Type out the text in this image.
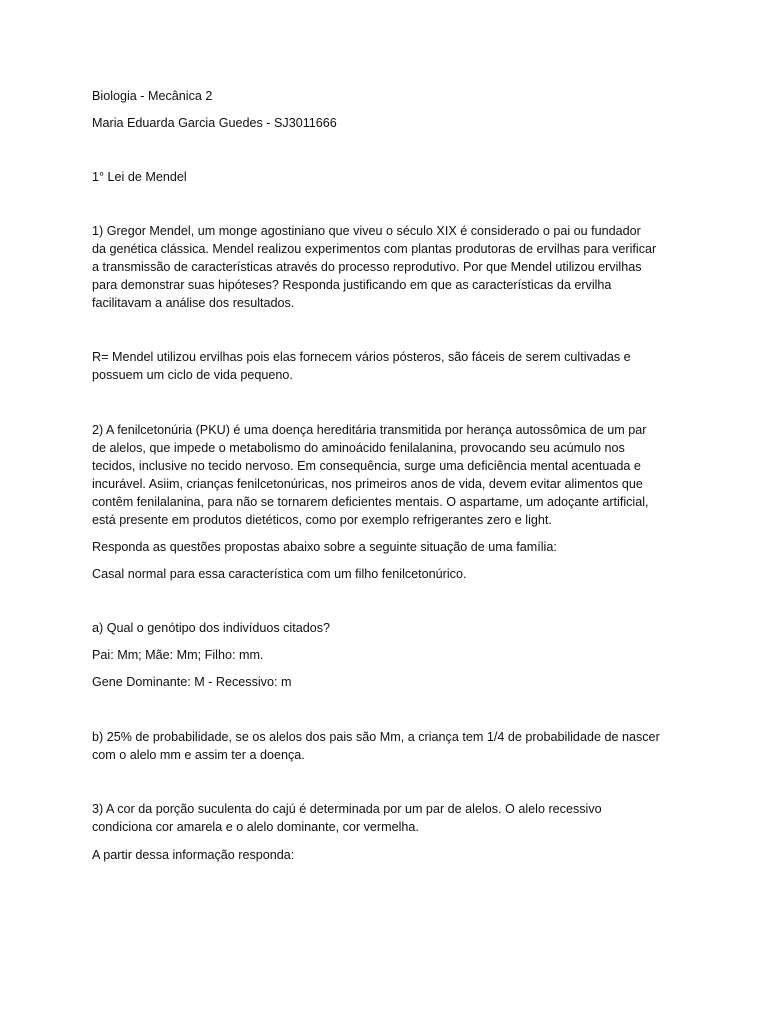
Biologia - Mecânica 2

Maria Eduarda Garcia Guedes - SJ3011666

1° Lei de Mendel

1) Gregor Mendel, um monge agostiniano que viveu o século XIX é considerado o pai ou fundador
da genética clássica. Mendel realizou experimentos com plantas produtoras de ervilhas para verificar
a transmissão de características através do processo reprodutivo. Por que Mendel utilizou ervilhas
para demonstrar suas hipóteses? Responda justificando em que as características da ervilha
facilitavam a análise dos resultados.
R= Mendel utilizou ervilhas pois elas fornecem vários pósteros, são fáceis de serem cultivadas e
possuem um ciclo de vida pequeno.
2) A fenilcetonúria (PKU) é uma doença hereditária transmitida por herança autossômica de um par
de alelos, que impede o metabolismo do aminoácido fenilalanina, provocando seu acúmulo nos
tecidos, inclusive no tecido nervoso. Em consequência, surge uma deficiência mental acentuada e
incurável. Asiim, crianças fenilcetonúricas, nos primeiros anos de vida, devem evitar alimentos que
contêm fenilalanina, para não se tornarem deficientes mentais. O aspartame, um adoçante artificial,
está presente em produtos dietéticos, como por exemplo refrigerantes zero e light.

Responda as questões propostas abaixo sobre a seguinte situação de uma família:

Casal normal para essa característica com um filho fenilcetonúrico.

a) Qual o genótipo dos indivíduos citados?

Pai: Mm; Mãe: Mm; Filho: mm.

Gene Dominante: M - Recessivo: m

b) 25% de probabilidade, se os alelos dos pais são Mm, a criança tem 1/4 de probabilidade de nascer
com o alelo mm e assim ter a doença.
3) A cor da porção suculenta do cajú é determinada por um par de alelos. O alelo recessivo
condiciona cor amarela e o alelo dominante, cor vermelha.

A partir dessa informação responda:
